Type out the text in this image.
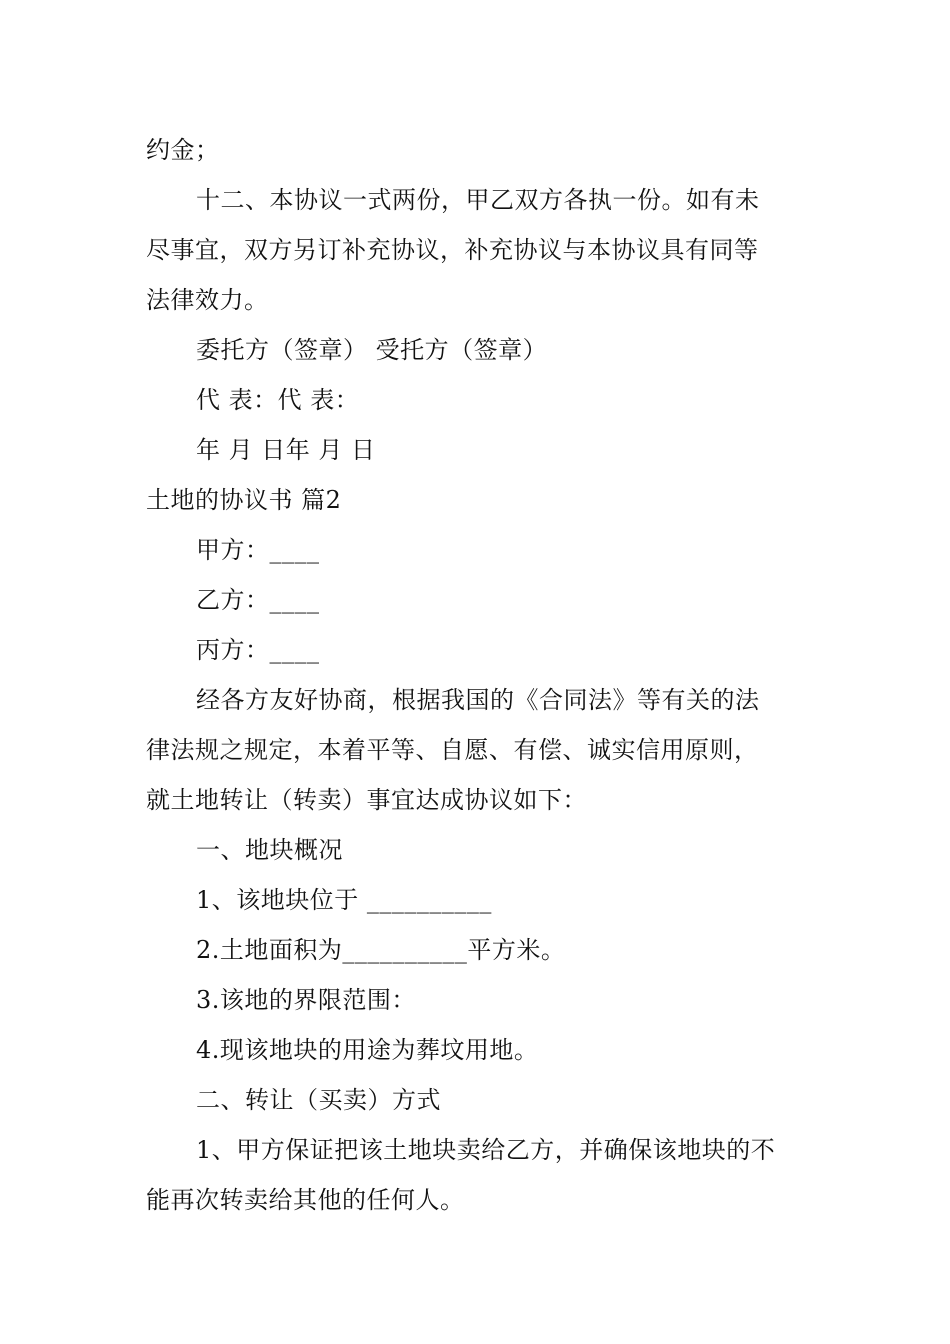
约金；
十二、本协议一式两份，甲乙双方各执一份。如有未
尽事宜，双方另订补充协议，补充协议与本协议具有同等
法律效力。
委托方（签章） 受托方（签章）
代 表：代 表：
年 月 日年 月 日
土地的协议书 篇2
甲方：____
乙方：____
丙方：____
经各方友好协商，根据我国的《合同法》等有关的法
律法规之规定，本着平等、自愿、有偿、诚实信用原则，
就土地转让（转卖）事宜达成协议如下：
一、地块概况
1、该地块位于 __________
2.土地面积为__________平方米。
3.该地的界限范围：
4.现该地块的用途为葬坟用地。
二、转让（买卖）方式
1、甲方保证把该土地块卖给乙方，并确保该地块的不
能再次转卖给其他的任何人。
